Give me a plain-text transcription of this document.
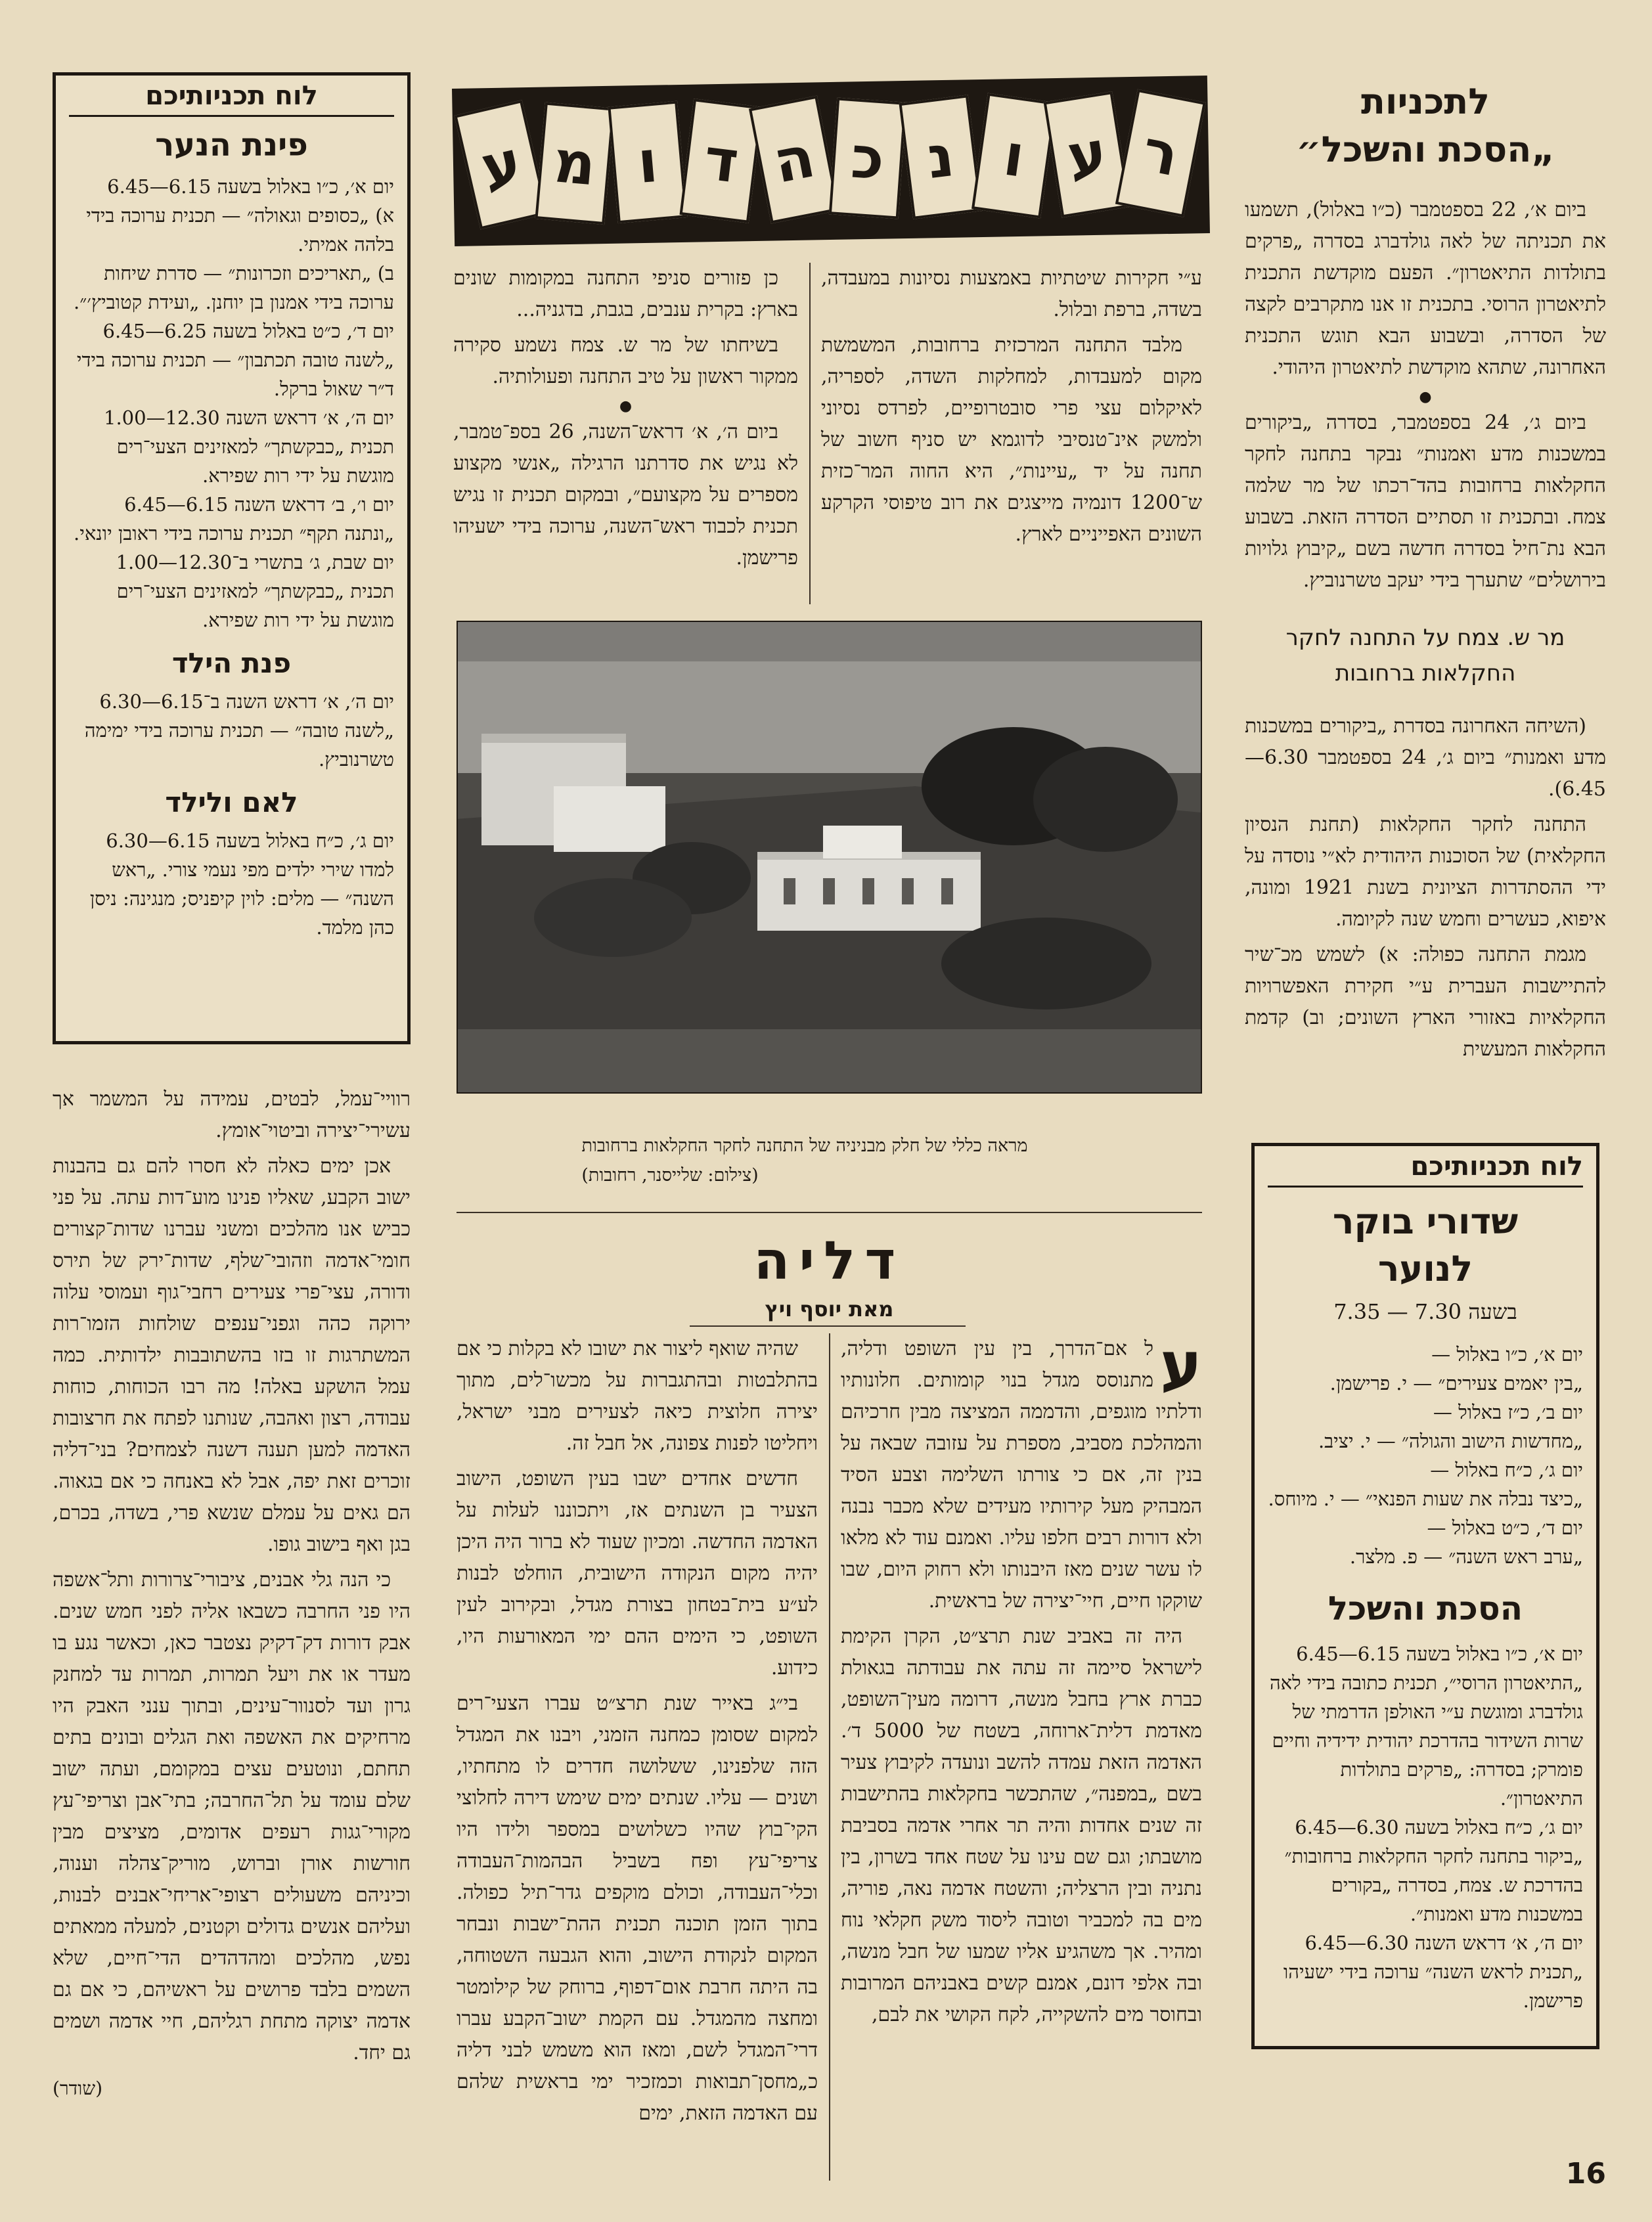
לתכניות
„הסכת והשכל״

ביום א׳, 22 בספטמבר (כ״ו באלול), תשמעו את תכניתה של לאה גולדברג בסדרה „פרקים בתולדות התיאטרון״. הפעם מוקדשת התכנית לתיאטרון הרוסי. בתכנית זו אנו מתקרבים לקצה של הסדרה, ובשבוע הבא תוגש התכנית האחרונה, שתהא מוקדשת לתיאטרון היהודי.

●

ביום ג׳, 24 בספטמבר, בסדרה „ביקורים במשכנות מדע ואמנות״ נבקר בתחנה לחקר החקלאות ברחובות בהד־רכתו של מר שלמה צמח. ובתכנית זו תסתיים הסדרה הזאת. בשבוע הבא נת־חיל בסדרה חדשה בשם „קיבוץ גלויות בירושלים״ שתערך בידי יעקב טשרנוביץ.

מר ש. צמח על התחנה לחקר החקלאות ברחובות

(השיחה האחרונה בסדרת „ביקורים במשכנות מדע ואמנות״ ביום ג׳, 24 בספטמבר 6.30—6.45).

התחנה לחקר החקלאות (תחנת הנסיון החקלאית) של הסוכנות היהודית לא״י נוסדה על ידי ההסתדרות הציונית בשנת 1921 ומונה, איפוא, כעשרים וחמש שנה לקיומה.

מגמת התחנה כפולה: א) לשמש מכ־שיר להתיישבות העברית ע״י חקירת האפשרויות החקלאיות באזורי הארץ השונים; וב) קדמת החקלאות המעשית

ע מ ו ד ה כ נ ו ע ר

ע״י חקירות שיטתיות באמצעות נסיונות במעבדה, בשדה, ברפת ובלול.

מלבד התחנה המרכזית ברחובות, המשמשת מקום למעבדות, למחלקות השדה, לספריה, לאיקלום עצי פרי סובטרופיים, לפרדס נסיוני ולמשק אינ־טנסיבי לדוגמא יש סניף חשוב של תחנה על יד „עיינות״, היא החוה המר־כזית ש־1200 דונמיה מייצגים את רוב טיפוסי הקרקע השונים האפייניים לארץ.

כן פזורים סניפי התחנה במקומות שונים בארץ: בקרית ענבים, בגבת, בדגניה...

בשיחתו של מר ש. צמח נשמע סקירה ממקור ראשון על טיב התחנה ופעולותיה.

●

ביום ה׳, א׳ דראש־השנה, 26 בספ־טמבר, לא נגיש את סדרתנו הרגילה „אנשי מקצוע מספרים על מקצועם״, ובמקום תכנית זו נגיש תכנית לכבוד ראש־השנה, ערוכה בידי ישעיהו פרישמן.

מראה כללי של חלק מבניניה של התחנה לחקר החקלאות ברחובות
(צילום: שלייסנר, רחובות)	לוח תכניותיכם
שדורי בוקר לנוער
בשעה 7.30 — 7.35

יום א׳, כ״ו באלול —

„בין יאמים צעירים״ — י. פרישמן.

יום ב׳, כ״ז באלול —

„מחדשות הישוב והגולה״ — י. יציב.

יום ג׳, כ״ח באלול —

„כיצד נבלה את שעות הפנאי״ — י. מיוחס.

יום ד׳, כ״ט באלול —

„ערב ראש השנה״ — פ. מלצר.

הסכת והשכל

יום א׳, כ״ו באלול בשעה 6.15—6.45

„התיאטרון הרוסי״, תכנית כתובה בידי לאה גולדברג ומוגשת ע״י האולפן הדרמתי של שרות השידור בהדרכת יהודית ידידיה וחיים פומרק; בסדרה: „פרקים בתולדות התיאטרון״.

יום ג׳, כ״ח באלול בשעה 6.30—6.45

„ביקור בתחנה לחקר החקלאות ברחובות״ בהדרכת ש. צמח, בסדרה „בקורים במשכנות מדע ואמנות״.

יום ה׳, א׳ דראש השנה 6.30—6.45

„תכנית לראש השנה״ ערוכה בידי ישעיהו פרישמן.

דליה
מאת יוסף ויץ

ע
ל אם־הדרך, בין עין השופט ודליה, מתנוסס מגדל בנוי קומותים. חלונותיו ודלתיו מוגפים, והדממה המציצה מבין חרכיהם והמהלכת מסביב, מספרת על עזובה שבאה על בנין זה, אם כי צורתו השלימה וצבע הסיד המבהיק מעל קירותיו מעידים שלא מכבר נבנה ולא דורות רבים חלפו עליו. ואמנם עוד לא מלאו לו עשר שנים מאז היבנותו ולא רחוק היום, שבו שוקקו חיים, חיי־יצירה של בראשית.

היה זה באביב שנת תרצ״ט, הקרן הקימת לישראל סיימה זה עתה את עבודתה בגאולת כברת ארץ בחבל מנשה, דרומה מעין־השופט, מאדמת דלית־ארוחה, בשטח של 5000 ד׳. האדמה הזאת עמדה להשב ונועדה לקיבוץ צעיר בשם „במפנה״, שהתכשר בחקלאות בהתישבות זה שנים אחדות והיה תר אחרי אדמה בסביבת מושבתו; וגם שם עינו על שטח אחד בשרון, בין נתניה ובין הרצליה; והשטח אדמה נאה, פוריה, מים בה למכביר וטובה ליסוד משק חקלאי נוח ומהיר. אך משהגיע אליו שמעו של חבל מנשה, ובה אלפי דונם, אמנם קשים באבניהם המרובות ובחוסר מים להשקייה, לקח הקושי את לבם,

שהיה שואף ליצור את ישובו לא בקלות כי אם בהתלבטות ובהתגברות על מכשו־לים, מתוך יצירה חלוצית כיאה לצעירים מבני ישראל, ויחליטו לפנות צפונה, אל חבל זה.

חדשים אחדים ישבו בעין השופט, הישוב הצעיר בן השנתים אז, ויתכוננו לעלות על האדמה החדשה. ומכיון שעוד לא ברור היה היכן יהיה מקום הנקודה הישובית, הוחלט לבנות לע״ע בית־בטחון בצורת מגדל, ובקירוב לעין השופט, כי הימים ההם ימי המאורעות היו, כידוע.

בי״ג באייר שנת תרצ״ט עברו הצעי־רים למקום שסומן כמחנה הזמני, ויבנו את המגדל הזה שלפנינו, ששלושה חדרים לו מתחתיו, ושנים — עליו. שנתים ימים שימש דירה לחלוצי הקי־בוץ שהיו כשלושים במספר ולידו היו צריפי־עץ ופח בשביל הבהמות־העבודה וכלי־העבודה, וכולם מוקפים גדר־תיל כפולה. בתוך הזמן תוכנה תכנית ההת־ישבות ונבחר המקום לנקודת הישוב, והוא הגבעה השטוחה, בה היתה חרבת אום־דפוף, ברוחק של קילומטר ומחצה מהמגדל. עם הקמת ישוב־הקבע עברו דרי־המגדל לשם, ומאז הוא משמש לבני דליה כ„מחסן־תבואות וכמזכיר ימי בראשית שלהם עם האדמה הזאת, ימים

לוח תכניותיכם
פינת הנער

יום א׳, כ״ו באלול בשעה 6.15—6.45

א) „כסופים וגאולה״ — תכנית ערוכה בידי בלהה אמיתי.

ב) „תאריכים וזכרונות״ — סדרת שיחות ערוכה בידי אמנון בן יוחנן. „ועידת קטוביץ׳״.

יום ד׳, כ״ט באלול בשעה 6.25—6.45

„לשנה טובה תכתבון״ — תכנית ערוכה בידי ד״ר שאול ברקל.

יום ה׳, א׳ דראש השנה 12.30—1.00

תכנית „כבקשתך״ למאזינים הצעי־רים מוגשת על ידי רות שפירא.

יום ו׳, ב׳ דראש השנה 6.15—6.45

„ונתנה תקף״ תכנית ערוכה בידי ראובן יונאי.

יום שבת, ג׳ בתשרי ב־12.30—1.00

תכנית „כבקשתך״ למאזינים הצעי־רים מוגשת על ידי רות שפירא.

פנת הילד

יום ה׳, א׳ דראש השנה ב־6.15—6.30

„לשנה טובה״ — תכנית ערוכה בידי ימימה טשרנוביץ.

לאם ולילד

יום ג׳, כ״ח באלול בשעה 6.15—6.30

למדו שירי ילדים מפי נעמי צורי. „ראש השנה״ — מלים: לוין קיפניס; מנגינה: ניסן כהן מלמד.

רוויי־עמל, לבטים, עמידה על המשמר אך עשירי־יצירה וביטוי־אומץ.

אכן ימים כאלה לא חסרו להם גם בהבנות ישוב הקבע, שאליו פנינו מוע־דות עתה. על פני כביש אנו מהלכים ומשני עברנו שדות־קצורים חומי־אדמה וזהובי־שלף, שדות־ירק של תירס ודורה, עצי־פרי צעירים רחבי־גוף ועמוסי עלוה ירוקה כהה וגפני־ענפים שולחות הזמו־רות המשתרגות זו בזו בהשתובבות ילדותית. כמה עמל הושקע באלה! מה רבו הכוחות, כוחות עבודה, רצון ואהבה, שנותנו לפתח את חרצובות האדמה למען תענה דשנה לצמחים? בני־דליה זוכרים זאת יפה, אבל לא באנחה כי אם בגאוה. הם גאים על עמלם שנשא פרי, בשדה, בכרם, בגן ואף בישוב גופו.

כי הנה גלי אבנים, ציבורי־צרורות ותל־אשפה היו פני החרבה כשבאו אליה לפני חמש שנים. אבק דורות דק־דקיק נצטבר כאן, וכאשר נגע בו מעדר או את ויעל תמרות, תמרות עד למחנק גרון ועד לסנוור־עינים, ובתוך ענני האבק היו מרחיקים את האשפה ואת הגלים ובונים בתים תחתם, ונוטעים עצים במקומם, ועתה ישוב שלם עומד על תל־החרבה; בתי־אבן וצריפי־עץ מקורי־גגות רעפים אדומים, מציצים מבין חורשות אורן וברוש, מוריק־צהלה וענוה, וכיניהם משעולים רצופי־אריחי־אבנים לבנות, ועליהם אנשים גדולים וקטנים, למעלה ממאתים נפש, מהלכים ומהדהדים הדי־חיים, שלא השמים בלבד פרושים על ראשיהם, כי אם גם אדמה יצוקה מתחת רגליהם, חיי אדמה ושמים גם יחד.

(שודר)
16
